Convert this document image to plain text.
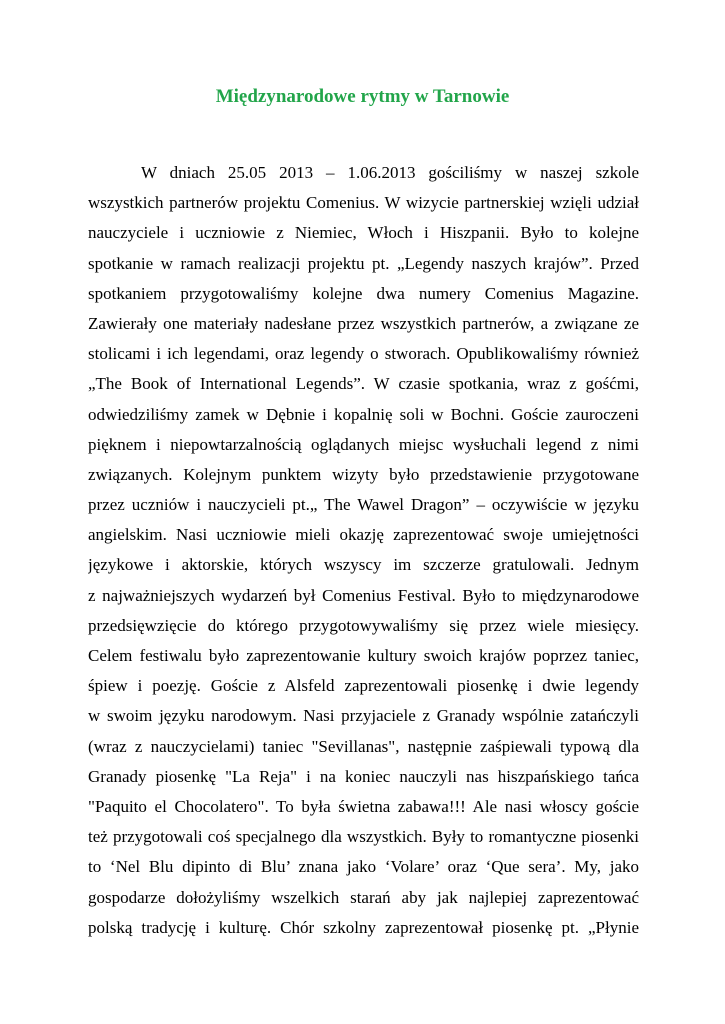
Międzynarodowe rytmy w Tarnowie
W dniach 25.05 2013 – 1.06.2013 gościliśmy w naszej szkole
wszystkich partnerów projektu Comenius. W wizycie partnerskiej wzięli udział
nauczyciele i uczniowie z Niemiec, Włoch i Hiszpanii. Było to kolejne
spotkanie w ramach realizacji projektu pt. „Legendy naszych krajów”. Przed
spotkaniem przygotowaliśmy kolejne dwa numery Comenius Magazine.
Zawierały one materiały nadesłane przez wszystkich partnerów, a związane ze
stolicami i ich legendami, oraz legendy o stworach. Opublikowaliśmy również
„The Book of International Legends”. W czasie spotkania, wraz z gośćmi,
odwiedziliśmy zamek w Dębnie i kopalnię soli w Bochni. Goście zauroczeni
pięknem i niepowtarzalnością oglądanych miejsc wysłuchali legend z nimi
związanych. Kolejnym punktem wizyty było przedstawienie przygotowane
przez uczniów i nauczycieli pt.„ The Wawel Dragon” – oczywiście w języku
angielskim. Nasi uczniowie mieli okazję zaprezentować swoje umiejętności
językowe i aktorskie, których wszyscy im szczerze gratulowali. Jednym
z najważniejszych wydarzeń był Comenius Festival. Było to międzynarodowe
przedsięwzięcie do którego przygotowywaliśmy się przez wiele miesięcy.
Celem festiwalu było zaprezentowanie kultury swoich krajów poprzez taniec,
śpiew i poezję. Goście z Alsfeld zaprezentowali piosenkę i dwie legendy
w swoim języku narodowym. Nasi przyjaciele z Granady wspólnie zatańczyli
(wraz z nauczycielami) taniec "Sevillanas", następnie zaśpiewali typową dla
Granady piosenkę "La Reja" i na koniec nauczyli nas hiszpańskiego tańca
"Paquito el Chocolatero". To była świetna zabawa!!! Ale nasi włoscy goście
też przygotowali coś specjalnego dla wszystkich. Były to romantyczne piosenki
to ‘Nel Blu dipinto di Blu’ znana jako ‘Volare’ oraz ‘Que sera’. My, jako
gospodarze dołożyliśmy wszelkich starań aby jak najlepiej zaprezentować
polską tradycję i kulturę. Chór szkolny zaprezentował piosenkę pt. „Płynie
